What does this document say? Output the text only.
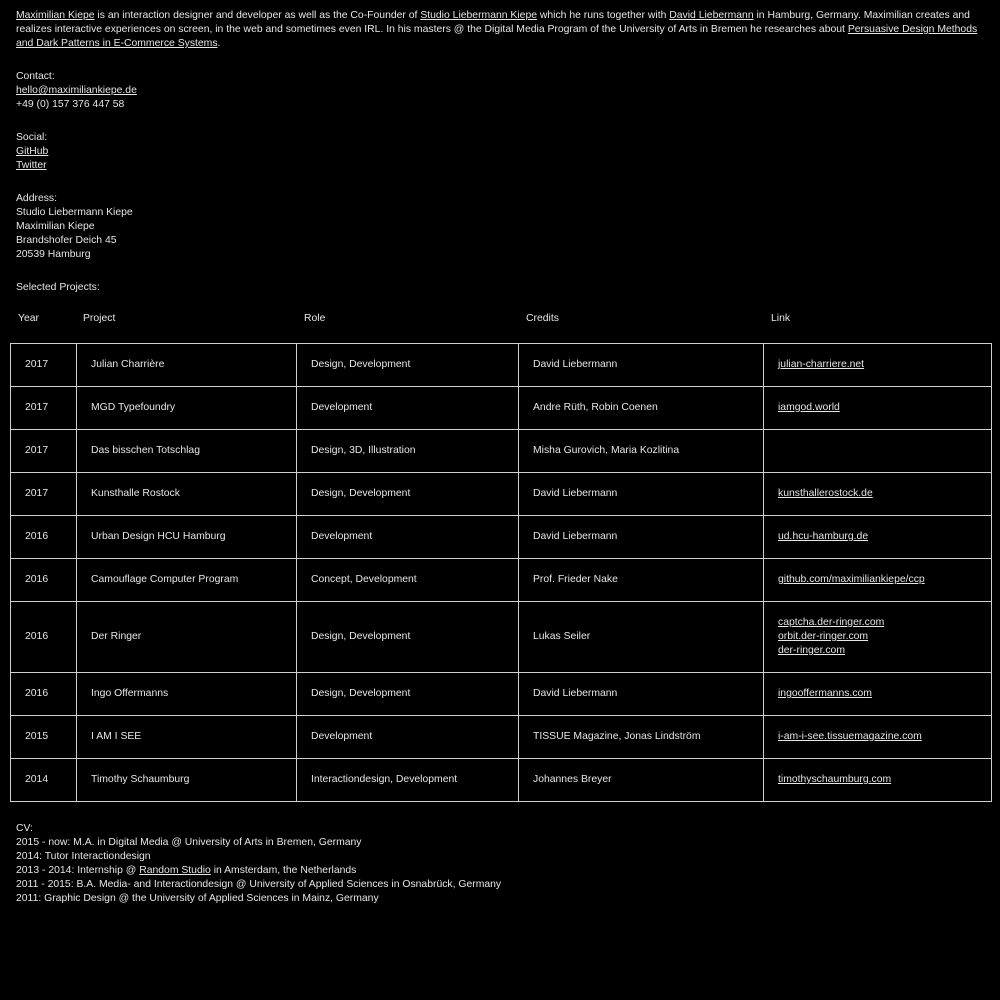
Maximilian Kiepe is an interaction designer and developer as well as the Co-Founder of Studio Liebermann Kiepe which he runs together with David Liebermann in Hamburg, Germany. Maximilian creates and realizes interactive experiences on screen, in the web and sometimes even IRL. In his masters @ the Digital Media Program of the University of Arts in Bremen he researches about Persuasive Design Methods and Dark Patterns in E-Commerce Systems.

Contact:
hello@maximiliankiepe.de
+49 (0) 157 376 447 58
Social:
GitHub
Twitter
Address:
Studio Liebermann Kiepe
Maximilian Kiepe
Brandshofer Deich 45
20539 Hamburg

Selected Projects:

Year	Project	Role	Credits	Link
2017	Julian Charrière	Design, Development	David Liebermann	julian-charriere.net

2017	MGD Typefoundry	Development	Andre Rüth, Robin Coenen	iamgod.world

2017	Das bisschen Totschlag	Design, 3D, Illustration	Misha Gurovich, Maria Kozlitina	
2017	Kunsthalle Rostock	Design, Development	David Liebermann	kunsthallerostock.de

2016	Urban Design HCU Hamburg	Development	David Liebermann	ud.hcu-hamburg.de

2016	Camouflage Computer Program	Concept, Development	Prof. Frieder Nake	github.com/maximiliankiepe/ccp

2016	Der Ringer	Design, Development	Lukas Seiler	captcha.der-ringer.com
orbit.der-ringer.com
der-ringer.com

2016	Ingo Offermanns	Design, Development	David Liebermann	ingooffermanns.com

2015	I AM I SEE	Development	TISSUE Magazine, Jonas Lindström	i-am-i-see.tissuemagazine.com

2014	Timothy Schaumburg	Interactiondesign, Development	Johannes Breyer	timothyschaumburg.com
CV:
2015 - now: M.A. in Digital Media @ University of Arts in Bremen, Germany
2014: Tutor Interactiondesign
2013 - 2014: Internship @ Random Studio in Amsterdam, the Netherlands
2011 - 2015: B.A. Media- and Interactiondesign @ University of Applied Sciences in Osnabrück, Germany
2011: Graphic Design @ the University of Applied Sciences in Mainz, Germany
